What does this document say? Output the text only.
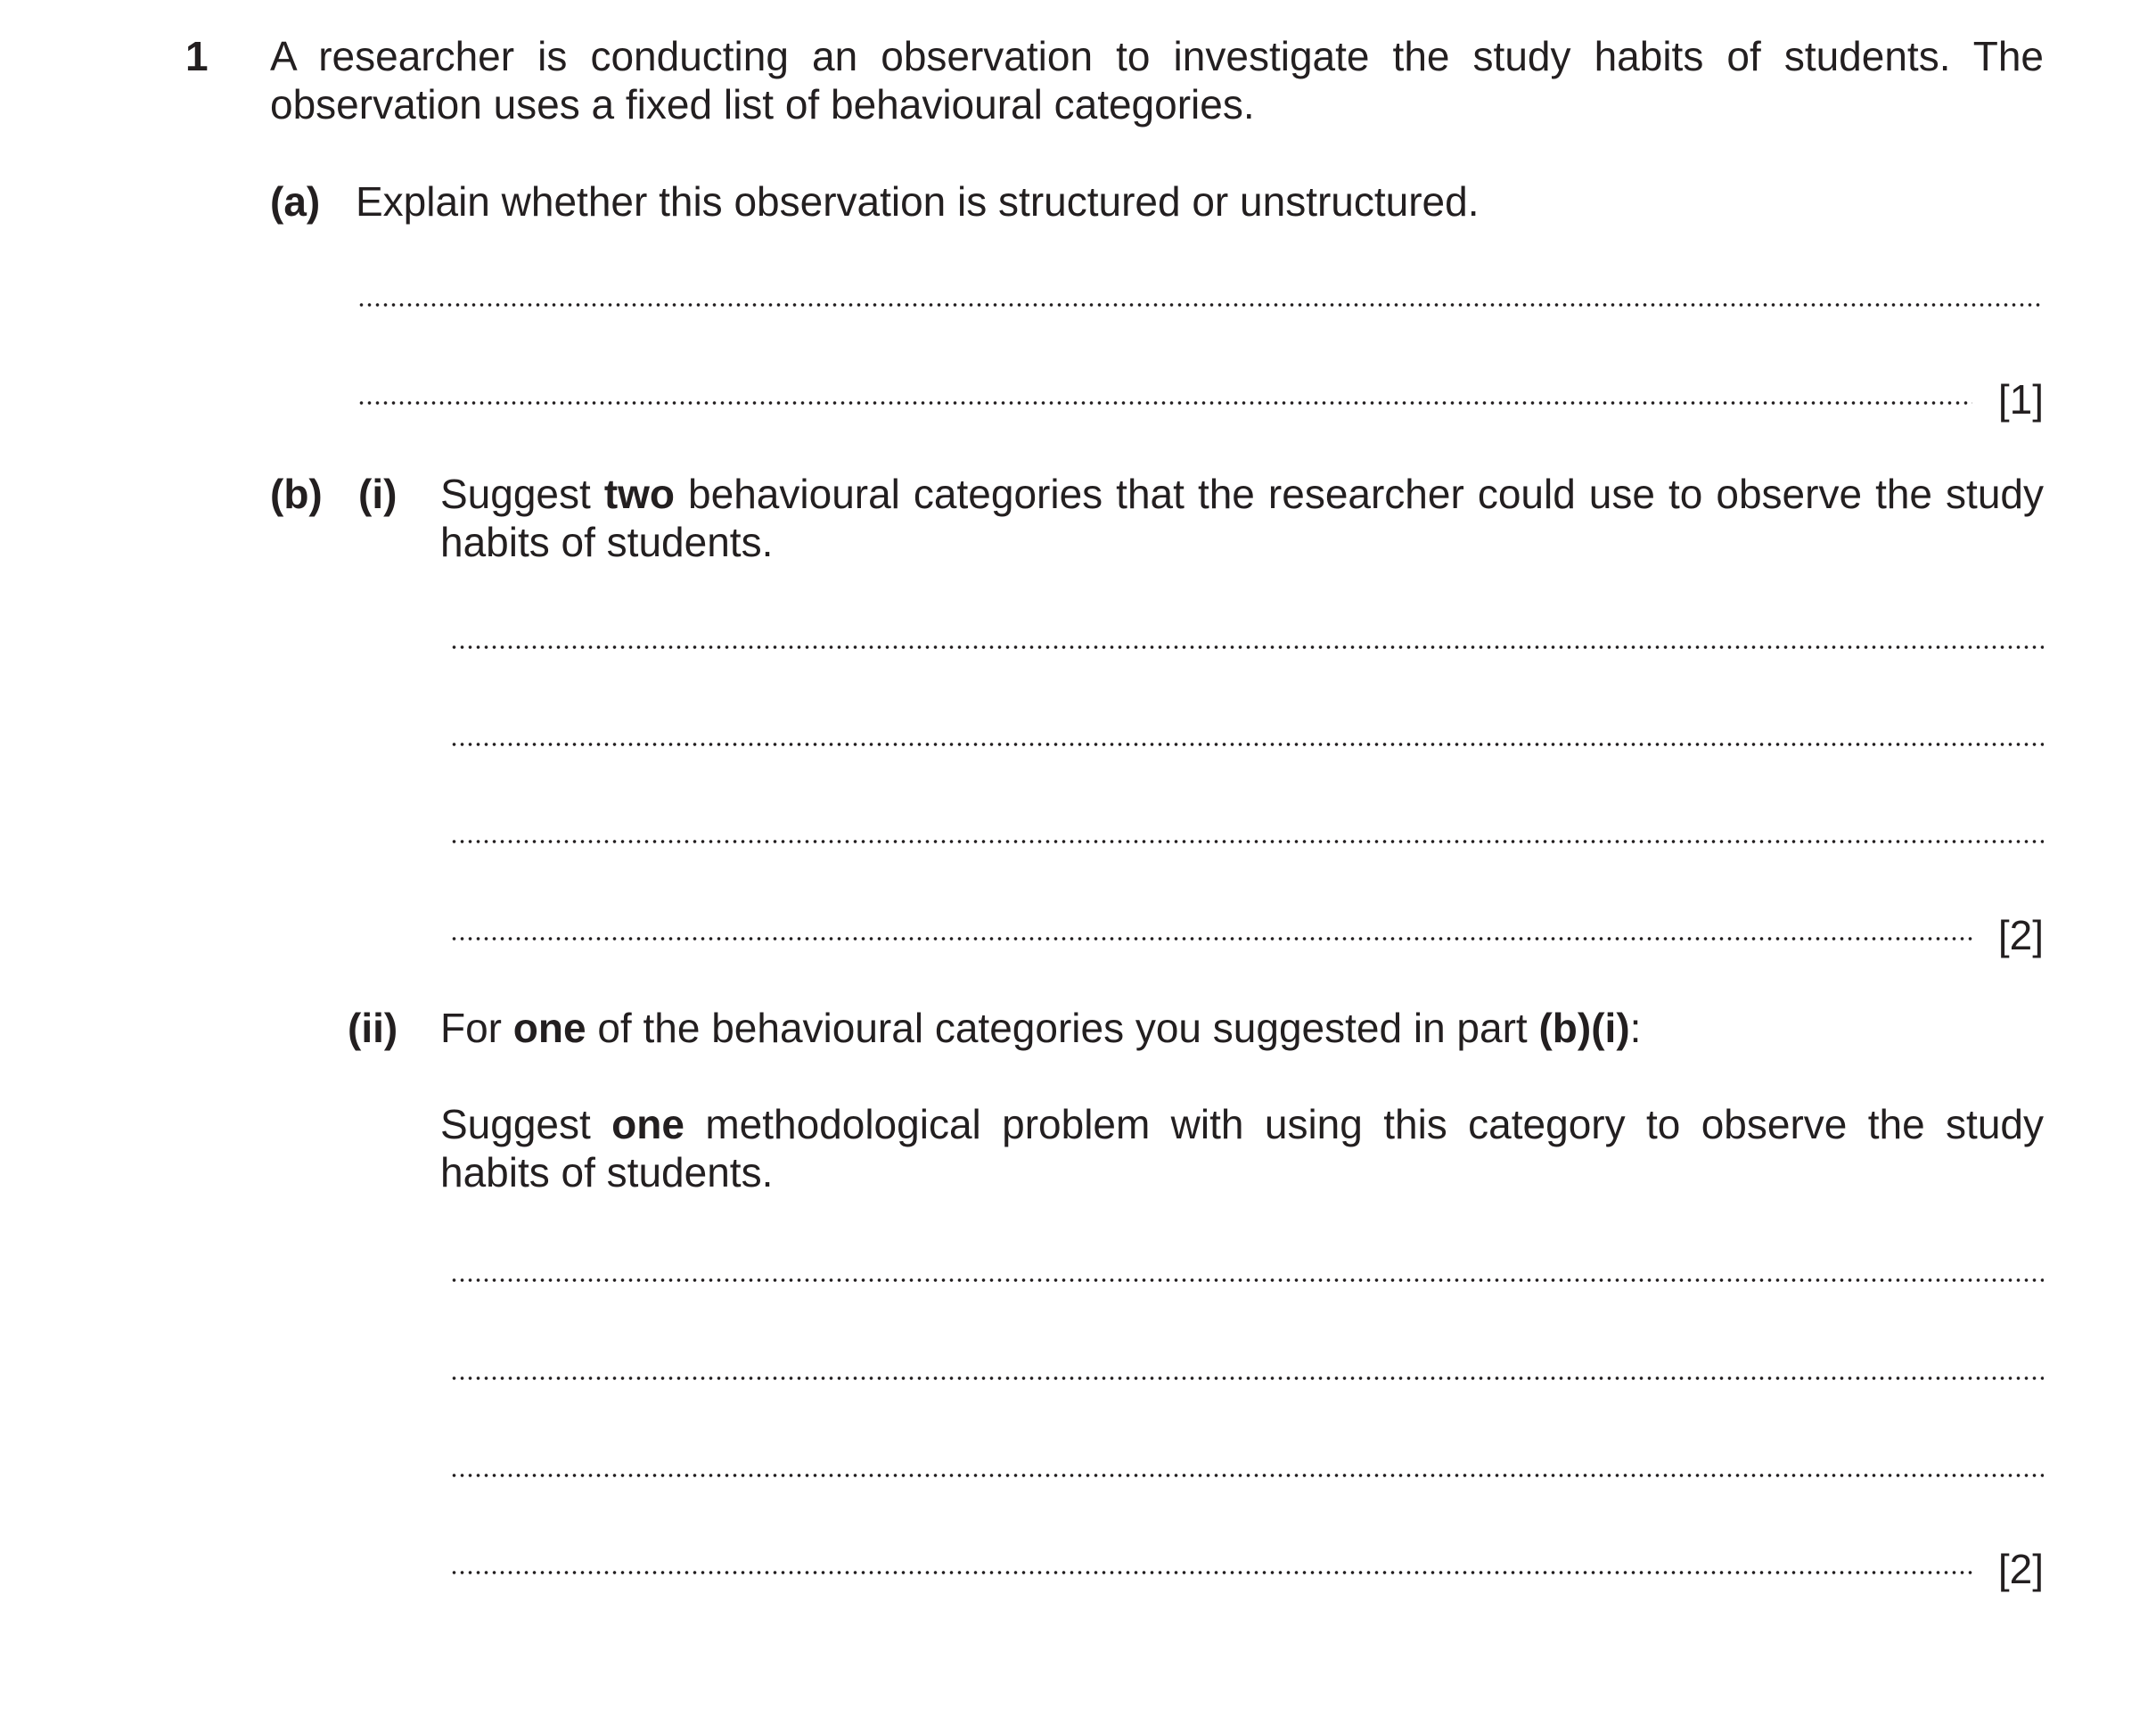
1	A researcher is conducting an observation to investigate the study habits of students. The observation uses a fixed list of behavioural categories.
(a) Explain whether this observation is structured or unstructured.
[1]
(b) (i) Suggest two behavioural categories that the researcher could use to observe the study habits of students.
[2]
(ii) For one of the behavioural categories you suggested in part (b)(i):
Suggest one methodological problem with using this category to observe the study habits of students.
[2]
